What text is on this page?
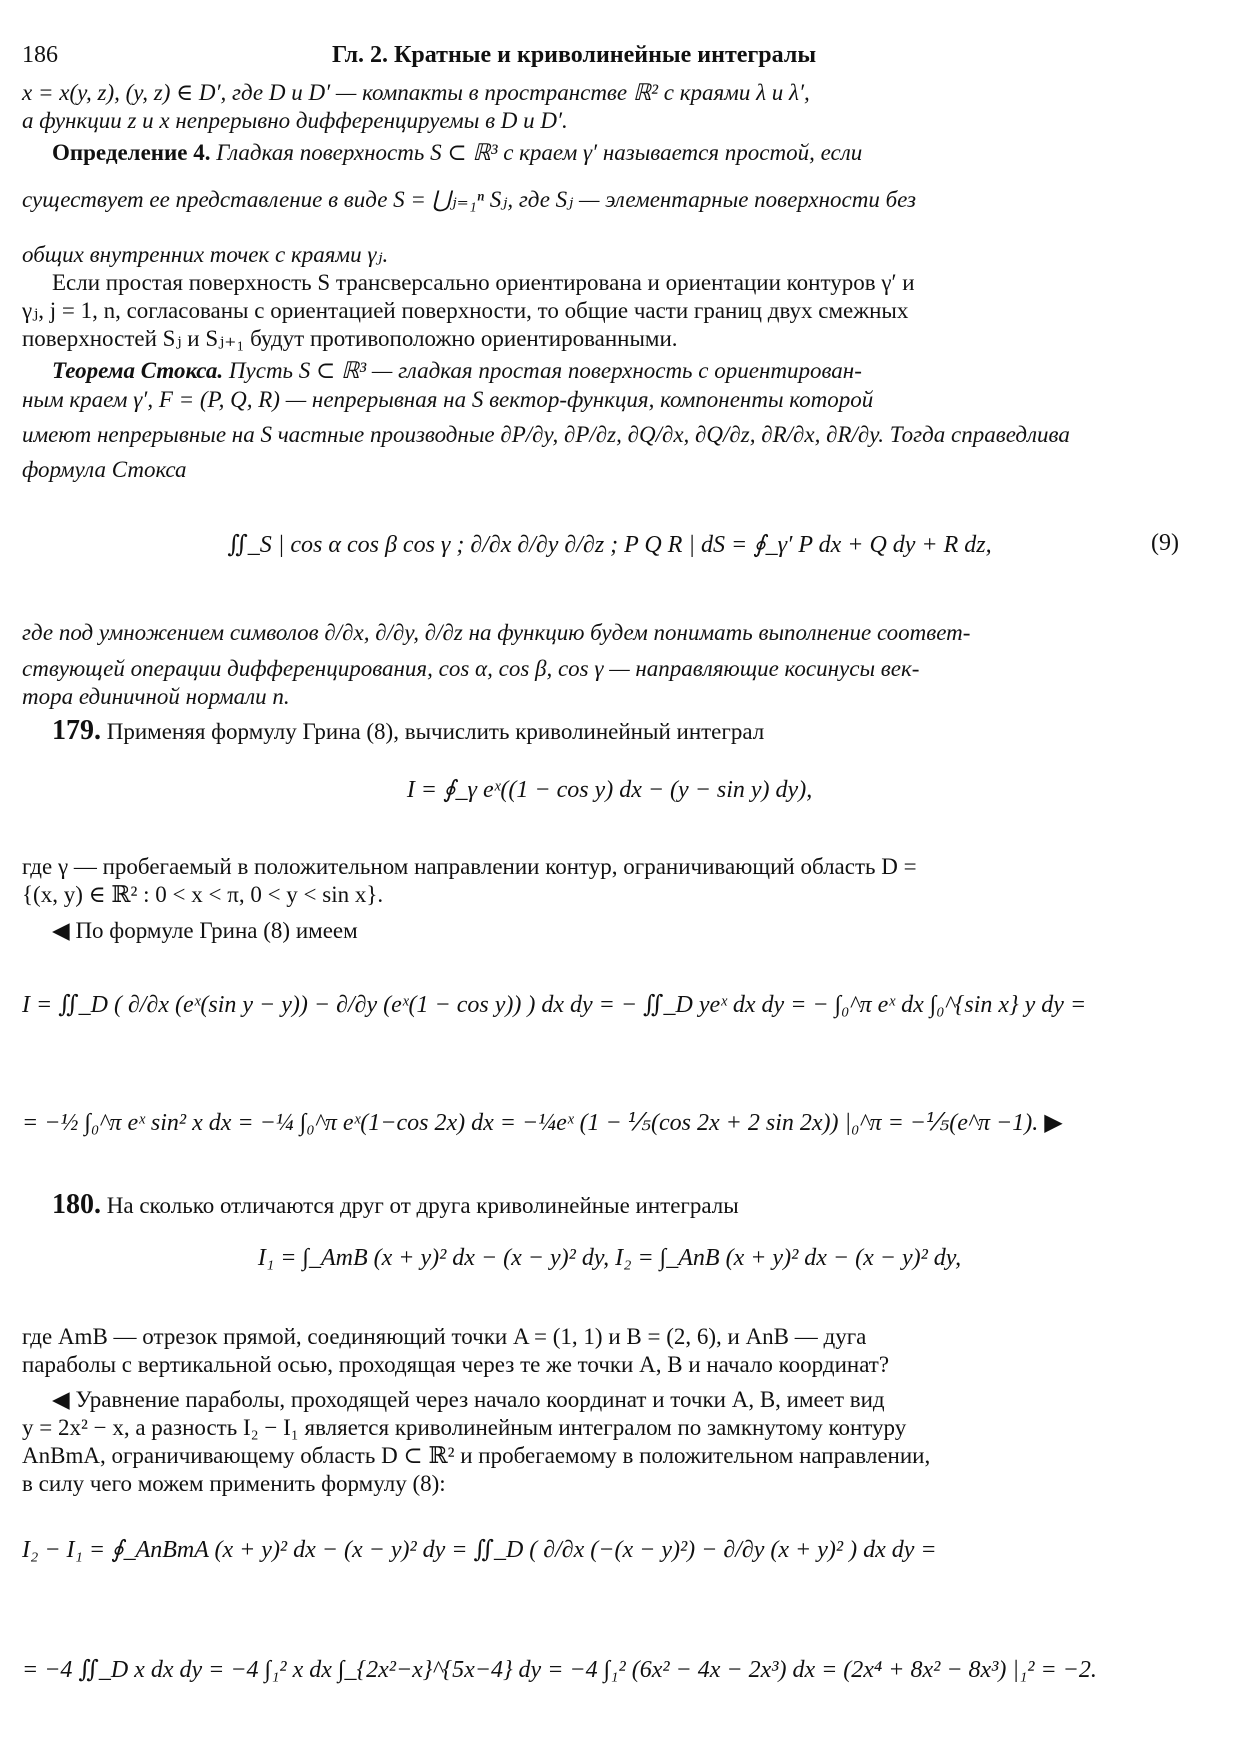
186	Гл. 2. Кратные и криволинейные интегралы

x = x(y, z), (y, z) ∈ D′, где D и D′ — компакты в пространстве ℝ² с краями λ и λ′,

а функции z и x непрерывно дифференцируемы в D и D′.

Определение 4. Гладкая поверхность S ⊂ ℝ³ с краем γ′ называется простой, если

существует ее представление в виде S = ⋃ⱼ₌₁ⁿ Sⱼ, где Sⱼ — элементарные поверхности без

общих внутренних точек с краями γⱼ.

Если простая поверхность S трансверсально ориентирована и ориентации контуров γ′ и

γⱼ, j = 1, n, согласованы с ориентацией поверхности, то общие части границ двух смежных

поверхностей Sⱼ и Sⱼ₊₁ будут противоположно ориентированными.

Теорема Стокса. Пусть S ⊂ ℝ³ — гладкая простая поверхность с ориентирован-

ным краем γ′, F = (P, Q, R) — непрерывная на S вектор-функция, компоненты которой

имеют непрерывные на S частные производные ∂P/∂y, ∂P/∂z, ∂Q/∂x, ∂Q/∂z, ∂R/∂x, ∂R/∂y. Тогда справедлива

формула Стокса

∬_S | cos α cos β cos γ ; ∂/∂x ∂/∂y ∂/∂z ; P Q R | dS = ∮_γ′ P dx + Q dy + R dz,	(9)

где под умножением символов ∂/∂x, ∂/∂y, ∂/∂z на функцию будем понимать выполнение соответ-

ствующей операции дифференцирования, cos α, cos β, cos γ — направляющие косинусы век-

тора единичной нормали n.

179. Применяя формулу Грина (8), вычислить криволинейный интеграл

I = ∮_γ eˣ((1 − cos y) dx − (y − sin y) dy),

где γ — пробегаемый в положительном направлении контур, ограничивающий область D =

{(x, y) ∈ ℝ² : 0 < x < π, 0 < y < sin x}.

◀ По формуле Грина (8) имеем

I = ∬_D ( ∂/∂x (eˣ(sin y − y)) − ∂/∂y (eˣ(1 − cos y)) ) dx dy = − ∬_D yeˣ dx dy = − ∫₀^π eˣ dx ∫₀^{sin x} y dy =
= −½ ∫₀^π eˣ sin² x dx = −¼ ∫₀^π eˣ(1−cos 2x) dx = −¼eˣ (1 − ⅕(cos 2x + 2 sin 2x)) |₀^π = −⅕(e^π −1). ▶

180. На сколько отличаются друг от друга криволинейные интегралы

I₁ = ∫_AmB (x + y)² dx − (x − y)² dy, I₂ = ∫_AnB (x + y)² dx − (x − y)² dy,

где AmB — отрезок прямой, соединяющий точки A = (1, 1) и B = (2, 6), и AnB — дуга

параболы с вертикальной осью, проходящая через те же точки A, B и начало координат?

◀ Уравнение параболы, проходящей через начало координат и точки A, B, имеет вид

y = 2x² − x, а разность I₂ − I₁ является криволинейным интегралом по замкнутому контуру

AnBmA, ограничивающему область D ⊂ ℝ² и пробегаемому в положительном направлении,

в силу чего можем применить формулу (8):

I₂ − I₁ = ∮_AnBmA (x + y)² dx − (x − y)² dy = ∬_D ( ∂/∂x (−(x − y)²) − ∂/∂y (x + y)² ) dx dy =
= −4 ∬_D x dx dy = −4 ∫₁² x dx ∫_{2x²−x}^{5x−4} dy = −4 ∫₁² (6x² − 4x − 2x³) dx = (2x⁴ + 8x² − 8x³) |₁² = −2.
